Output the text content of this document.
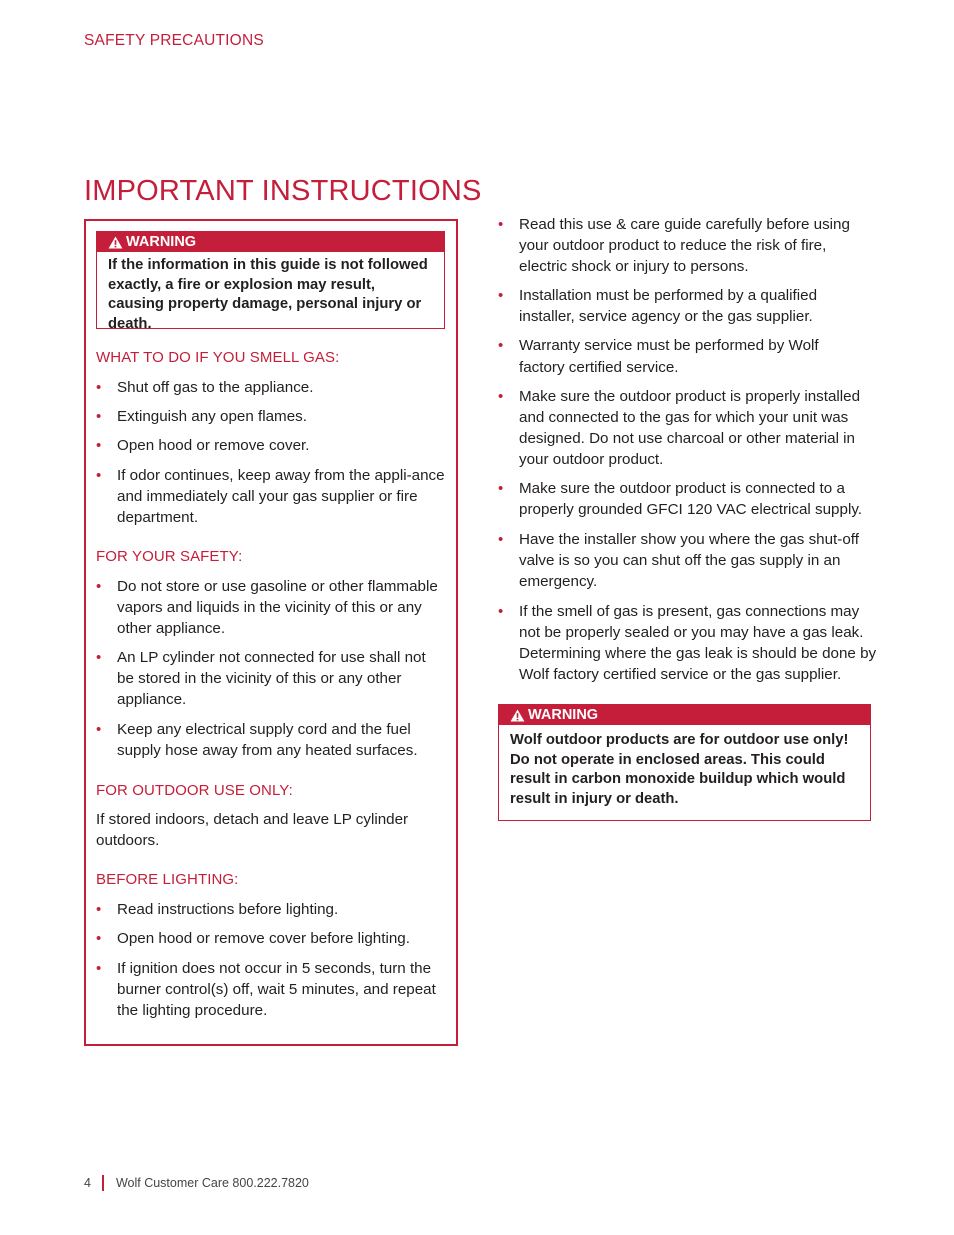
SAFETY PRECAUTIONS
IMPORTANT INSTRUCTIONS
WARNING
If the information in this guide is not followed exactly, a fire or explosion may result, causing property damage, personal injury or death.
WHAT TO DO IF YOU SMELL GAS:
• Shut off gas to the appliance.
• Extinguish any open flames.
• Open hood or remove cover.
• If odor continues, keep away from the appli-ance and immediately call your gas supplier or fire department.
FOR YOUR SAFETY:
• Do not store or use gasoline or other flammable vapors and liquids in the vicinity of this or any other appliance.
• An LP cylinder not connected for use shall not be stored in the vicinity of this or any other appliance.
• Keep any electrical supply cord and the fuel supply hose away from any heated surfaces.
FOR OUTDOOR USE ONLY:
If stored indoors, detach and leave LP cylinder outdoors.
BEFORE LIGHTING:
• Read instructions before lighting.
• Open hood or remove cover before lighting.
• If ignition does not occur in 5 seconds, turn the burner control(s) off, wait 5 minutes, and repeat the lighting procedure.
• Read this use & care guide carefully before using your outdoor product to reduce the risk of fire, electric shock or injury to persons.
• Installation must be performed by a qualified installer, service agency or the gas supplier.
• Warranty service must be performed by Wolf factory certified service.
• Make sure the outdoor product is properly installed and connected to the gas for which your unit was designed. Do not use charcoal or other material in your outdoor product.
• Make sure the outdoor product is connected to a properly grounded GFCI 120 VAC electrical supply.
• Have the installer show you where the gas shut-off valve is so you can shut off the gas supply in an emergency.
• If the smell of gas is present, gas connections may not be properly sealed or you may have a gas leak. Determining where the gas leak is should be done by Wolf factory certified service or the gas supplier.
WARNING
Wolf outdoor products are for outdoor use only! Do not operate in enclosed areas. This could result in carbon monoxide buildup which would result in injury or death.
4 Wolf Customer Care 800.222.7820
